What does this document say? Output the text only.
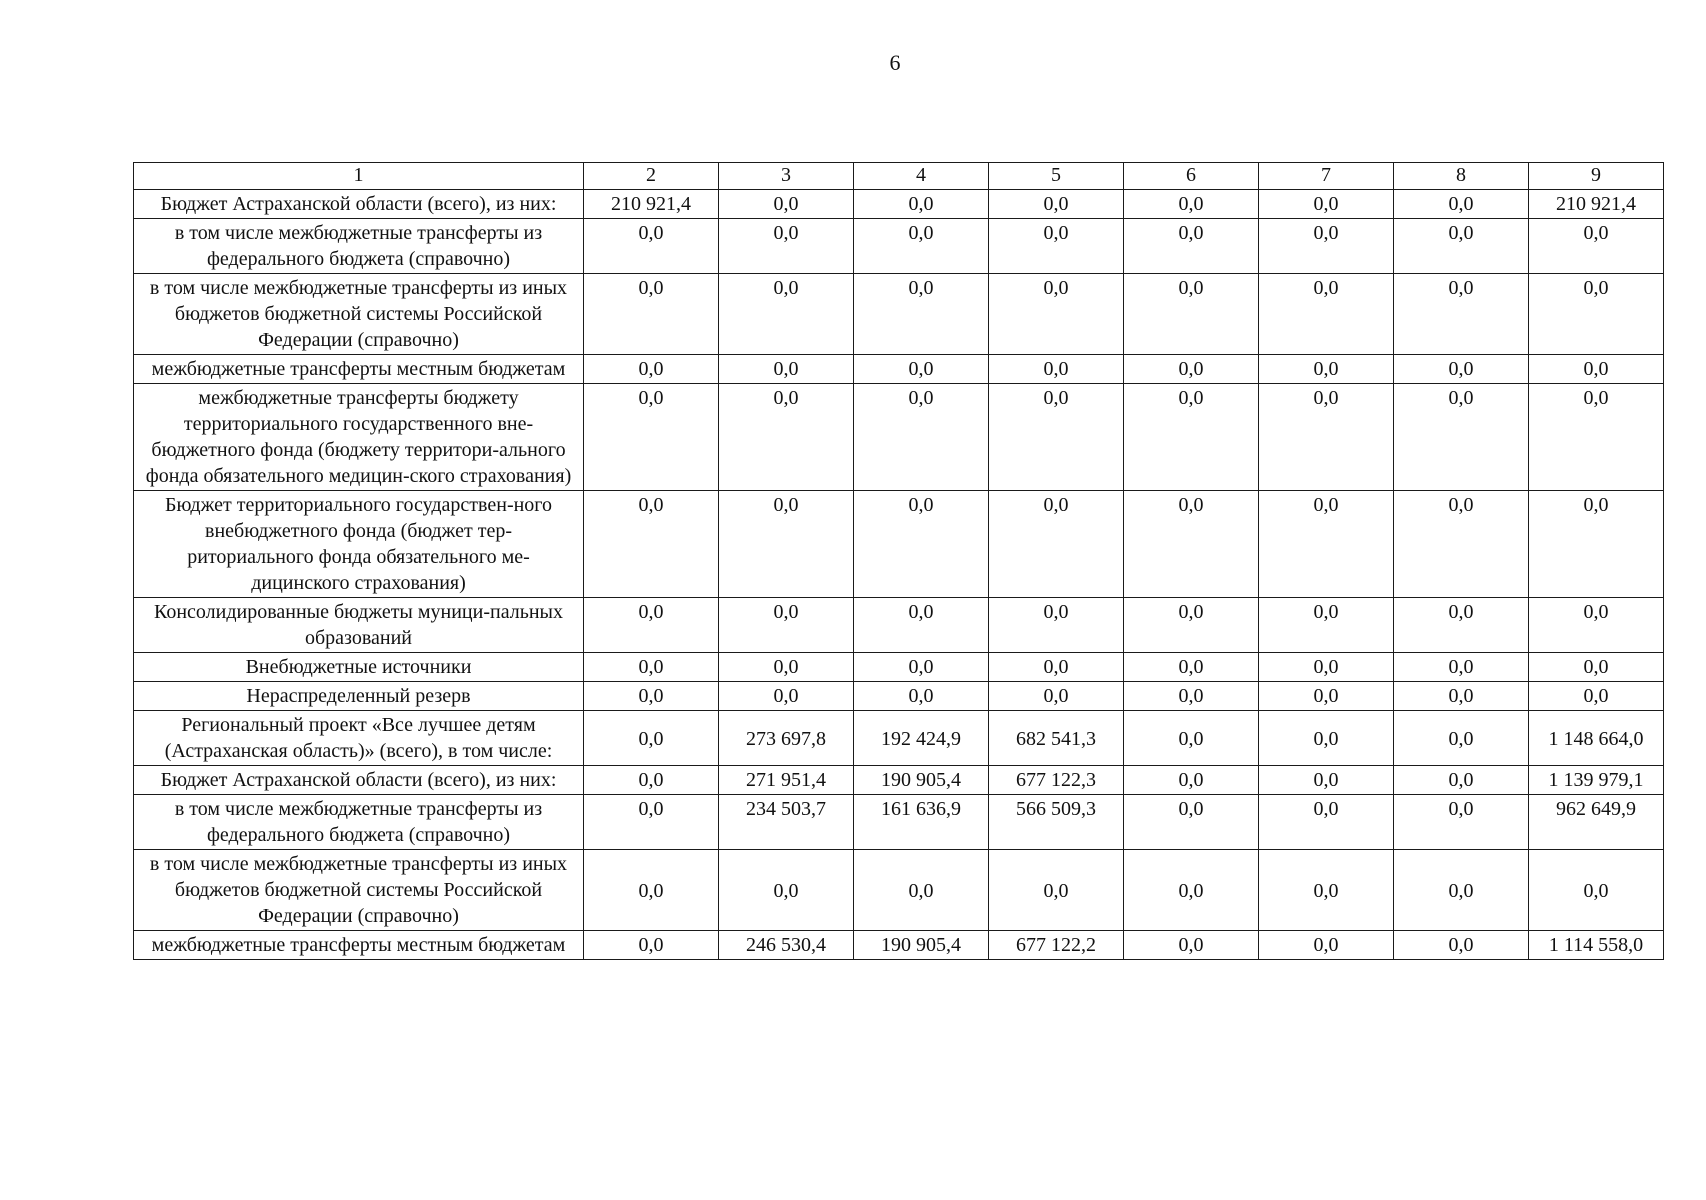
6
1	2	3	4	5	6	7	8	9
Бюджет Астраханской области (всего), из них:	210 921,4	0,0	0,0	0,0	0,0	0,0	0,0	210 921,4
в том числе межбюджетные трансферты из федерального бюджета (справочно)	0,0	0,0	0,0	0,0	0,0	0,0	0,0	0,0
в том числе межбюджетные трансферты из иных бюджетов бюджетной системы Российской Федерации (справочно)	0,0	0,0	0,0	0,0	0,0	0,0	0,0	0,0
межбюджетные трансферты местным бюджетам	0,0	0,0	0,0	0,0	0,0	0,0	0,0	0,0
межбюджетные трансферты бюджету территориального государственного вне-бюджетного фонда (бюджету территори-ального фонда обязательного медицин-ского страхования)	0,0	0,0	0,0	0,0	0,0	0,0	0,0	0,0
Бюджет территориального государствен-ного внебюджетного фонда (бюджет тер-риториального фонда обязательного ме-дицинского страхования)	0,0	0,0	0,0	0,0	0,0	0,0	0,0	0,0
Консолидированные бюджеты муници-пальных образований	0,0	0,0	0,0	0,0	0,0	0,0	0,0	0,0
Внебюджетные источники	0,0	0,0	0,0	0,0	0,0	0,0	0,0	0,0
Нераспределенный резерв	0,0	0,0	0,0	0,0	0,0	0,0	0,0	0,0
Региональный проект «Все лучшее детям (Астраханская область)» (всего), в том числе:	0,0	273 697,8	192 424,9	682 541,3	0,0	0,0	0,0	1 148 664,0
Бюджет Астраханской области (всего), из них:	0,0	271 951,4	190 905,4	677 122,3	0,0	0,0	0,0	1 139 979,1
в том числе межбюджетные трансферты из федерального бюджета (справочно)	0,0	234 503,7	161 636,9	566 509,3	0,0	0,0	0,0	962 649,9
в том числе межбюджетные трансферты из иных бюджетов бюджетной системы Российской Федерации (справочно)	0,0	0,0	0,0	0,0	0,0	0,0	0,0	0,0
межбюджетные трансферты местным бюджетам	0,0	246 530,4	190 905,4	677 122,2	0,0	0,0	0,0	1 114 558,0
